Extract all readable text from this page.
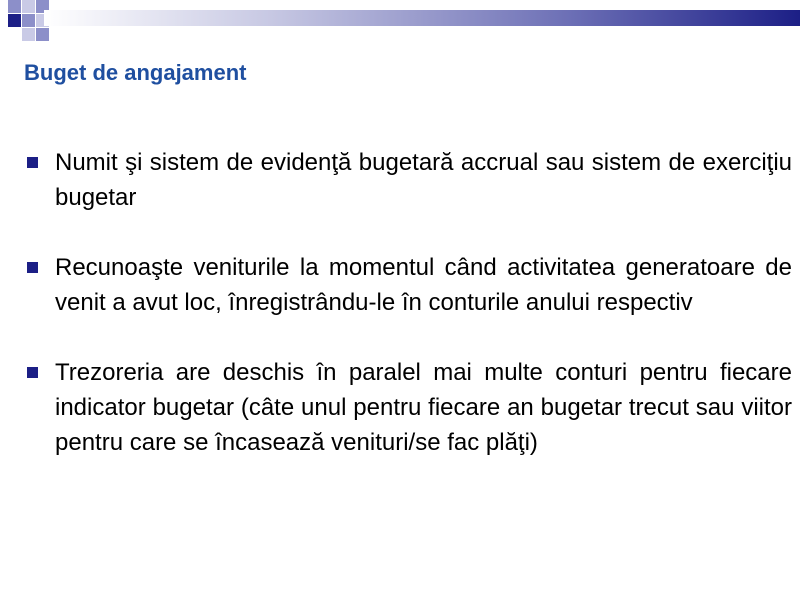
Buget de angajament
Numit şi sistem de evidenţă bugetară accrual sau sistem de exerciţiu bugetar
Recunoaşte veniturile la momentul când activitatea generatoare de venit a avut loc, înregistrându-le în conturile anului respectiv
Trezoreria are deschis în paralel mai multe conturi pentru fiecare indicator bugetar (câte unul pentru fiecare an bugetar trecut sau viitor pentru care se încasează venituri/se fac plăţi)
